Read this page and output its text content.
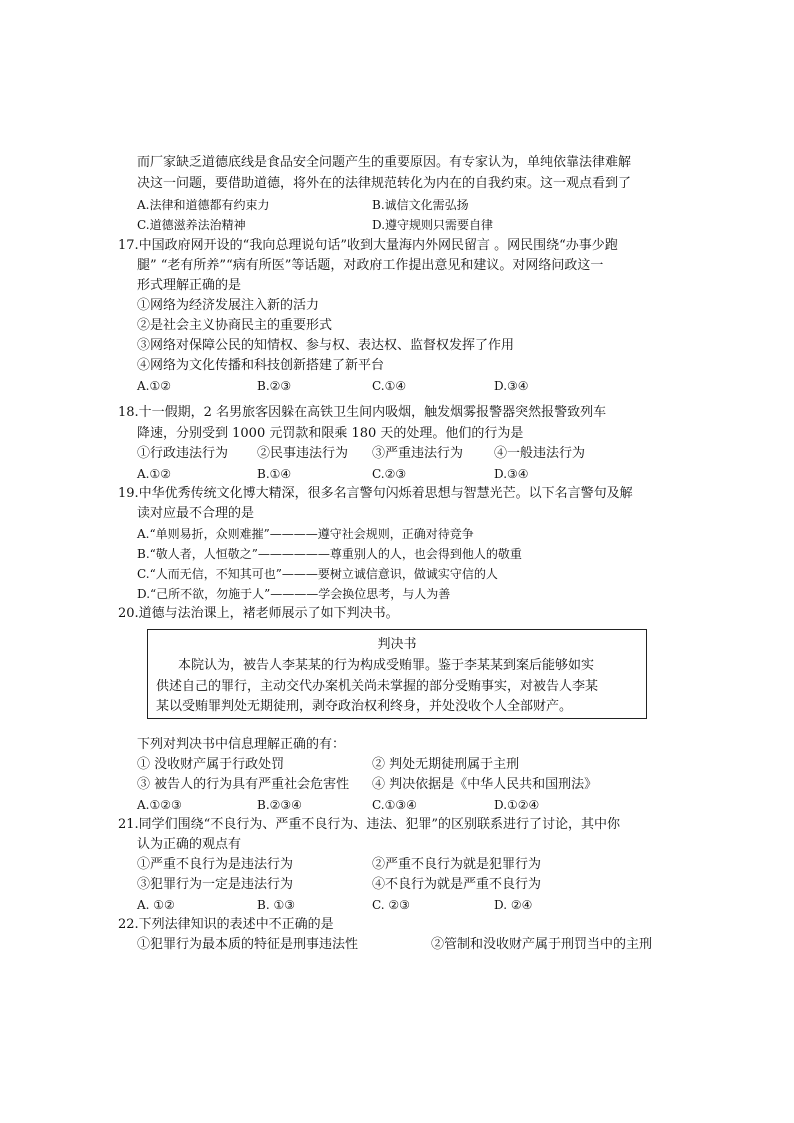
而厂家缺乏道德底线是食品安全问题产生的重要原因。有专家认为，单纯依靠法律难解
决这一问题，要借助道德，将外在的法律规范转化为内在的自我约束。这一观点看到了
A.法律和道德都有约束力	B.诚信文化需弘扬
C.道德滋养法治精神	D.遵守规则只需要自律
17.中国政府网开设的“我向总理说句话”收到大量海内外网民留言 。网民围绕“办事少跑
腿” “老有所养”“病有所医”等话题，对政府工作提出意见和建议。对网络问政这一
形式理解正确的是
①网络为经济发展注入新的活力
②是社会主义协商民主的重要形式
③网络对保障公民的知情权、参与权、表达权、监督权发挥了作用
④网络为文化传播和科技创新搭建了新平台
A.①②	B.②③	C.①④	D.③④
18.十一假期，2 名男旅客因躲在高铁卫生间内吸烟，触发烟雾报警器突然报警致列车
降速，分别受到 1000 元罚款和限乘 180 天的处理。他们的行为是
①行政违法行为 ②民事违法行为 ③严重违法行为 ④一般违法行为
A.①②	B.①④	C.②③	D.③④
19.中华优秀传统文化博大精深，很多名言警句闪烁着思想与智慧光芒。以下名言警句及解
读对应最不合理的是
A.“单则易折，众则难摧”————遵守社会规则，正确对待竞争
B.“敬人者，人恒敬之”——————尊重别人的人，也会得到他人的敬重
C.“人而无信，不知其可也”———要树立诚信意识，做诚实守信的人
D.“己所不欲，勿施于人”————学会换位思考，与人为善
20.道德与法治课上，褚老师展示了如下判决书。
判决书
本院认为，被告人李某某的行为构成受贿罪。鉴于李某某到案后能够如实
供述自己的罪行，主动交代办案机关尚未掌握的部分受贿事实，对被告人李某
某以受贿罪判处无期徒刑，剥夺政治权利终身，并处没收个人全部财产。
下列对判决书中信息理解正确的有：
① 没收财产属于行政处罚	② 判处无期徒刑属于主刑
③ 被告人的行为具有严重社会危害性 ④ 判决依据是《中华人民共和国刑法》
A.①②③	B.②③④	C.①③④	D.①②④
21.同学们围绕“不良行为、严重不良行为、违法、犯罪”的区别联系进行了讨论，其中你
认为正确的观点有
①严重不良行为是违法行为	②严重不良行为就是犯罪行为
③犯罪行为一定是违法行为	④不良行为就是严重不良行为
A. ①②	B. ①③	C. ②③	D. ②④
22.下列法律知识的表述中不正确的是
①犯罪行为最本质的特征是刑事违法性	②管制和没收财产属于刑罚当中的主刑
